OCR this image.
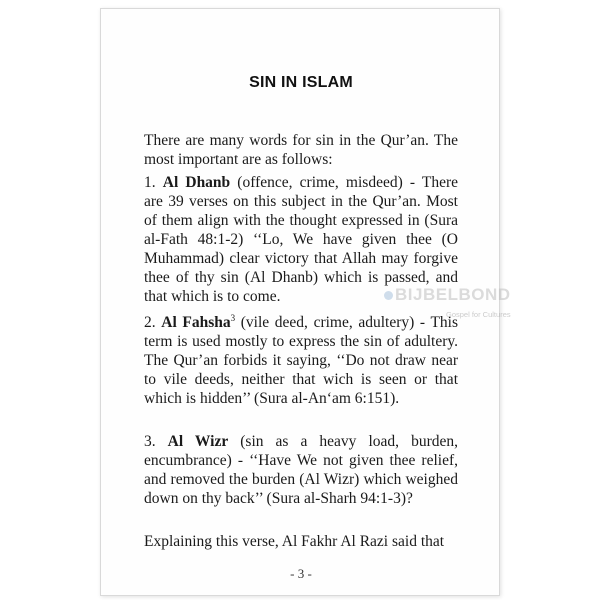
SIN IN ISLAM

There are many words for sin in the Qur’an. The most important are as follows:

1. Al Dhanb (offence, crime, misdeed) - There are 39 verses on this subject in the Qur’an. Most of them align with the thought expressed in (Sura al-Fath 48:1-2) ‘‘Lo, We have given thee (O Muhammad) clear victory that Allah may forgive thee of thy sin (Al Dhanb) which is passed, and that which is to come.

2. Al Fahsha$^3$ (vile deed, crime, adultery) - This term is used mostly to express the sin of adultery. The Qur’an forbids it saying, ‘‘Do not draw near to vile deeds, neither that wich is seen or that which is hidden’’ (Sura al-An‘am 6:151).

3. Al Wizr (sin as a heavy load, burden, encumbrance) - ‘‘Have We not given thee relief, and removed the burden (Al Wizr) which weighed down on thy back’’ (Sura al-Sharh 94:1-3)?

Explaining this verse, Al Fakhr Al Razi said that

- 3 -
BIJBELBOND
Gospel for Cultures
